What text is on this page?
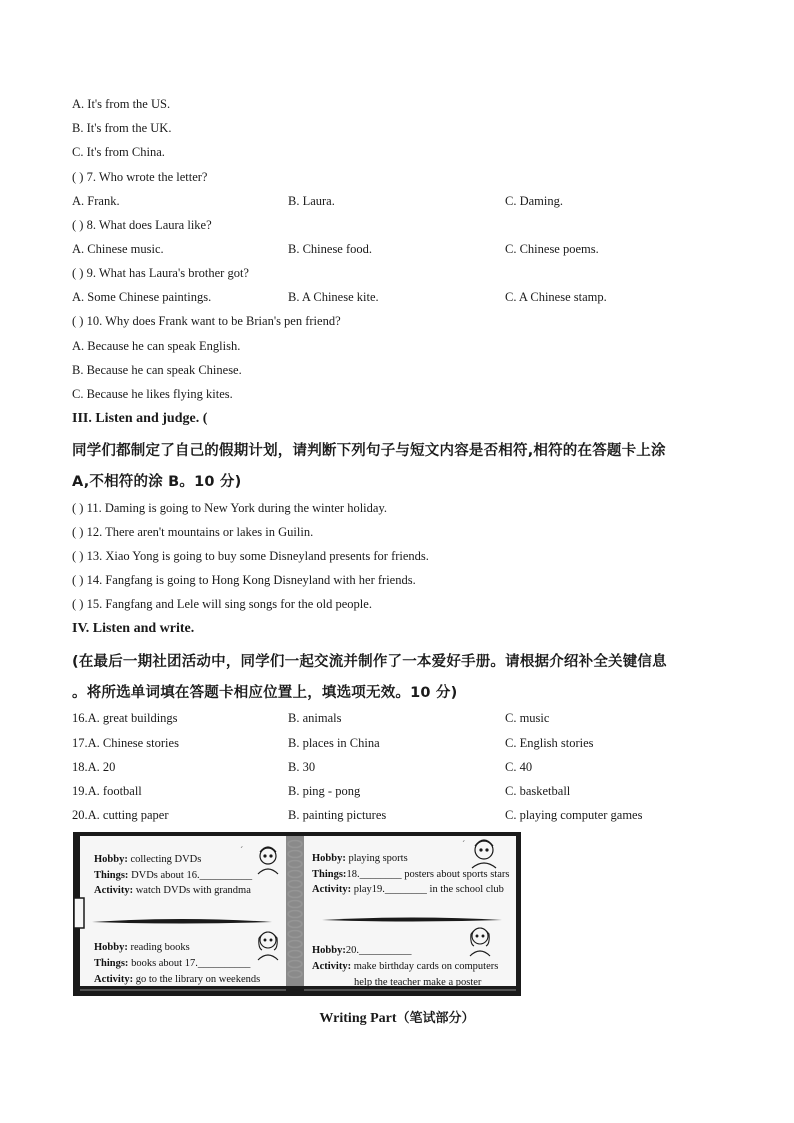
A. It's from the US.
B. It's from the UK.
C. It's from China.
( ) 7. Who wrote the letter?
A. Frank.	B. Laura.	C. Daming.
( ) 8. What does Laura like?
A. Chinese music.	B. Chinese food.	C. Chinese poems.
( ) 9. What has Laura's brother got?
A. Some Chinese paintings.	B. A Chinese kite.	C. A Chinese stamp.
( ) 10. Why does Frank want to be Brian's pen friend?
A. Because he can speak English.
B. Because he can speak Chinese.
C. Because he likes flying kites.
III. Listen and judge. (
同学们都制定了自己的假期计划，请判断下列句子与短文内容是否相符,相符的在答题卡上涂
A,不相符的涂 B。10 分)
( ) 11. Daming is going to New York during the winter holiday.
( ) 12. There aren't mountains or lakes in Guilin.
( ) 13. Xiao Yong is going to buy some Disneyland presents for friends.
( ) 14. Fangfang is going to Hong Kong Disneyland with her friends.
( ) 15. Fangfang and Lele will sing songs for the old people.
IV. Listen and write.
(在最后一期社团活动中，同学们一起交流并制作了一本爱好手册。请根据介绍补全关键信息
。将所选单词填在答题卡相应位置上，填选项无效。10 分)
16.A. great buildings	B. animals	C. music
17.A. Chinese stories	B. places in China	C. English stories
18.A. 20	B. 30	C. 40
19.A. football	B. ping - pong	C. basketball
20.A. cutting paper	B. painting pictures	C. playing computer games
ˊ
ˊ
Hobby: collecting DVDs
Things: DVDs about 16.__________
Activity: watch DVDs with grandma
Hobby: reading books
Things: books about 17.__________
Activity: go to the library on weekends
Hobby: playing sports
Things:18.________ posters about sports stars
Activity: play19.________ in the school club
Hobby:20.__________
Activity: make birthday cards on computers
help the teacher make a poster
Writing Part（笔试部分）
